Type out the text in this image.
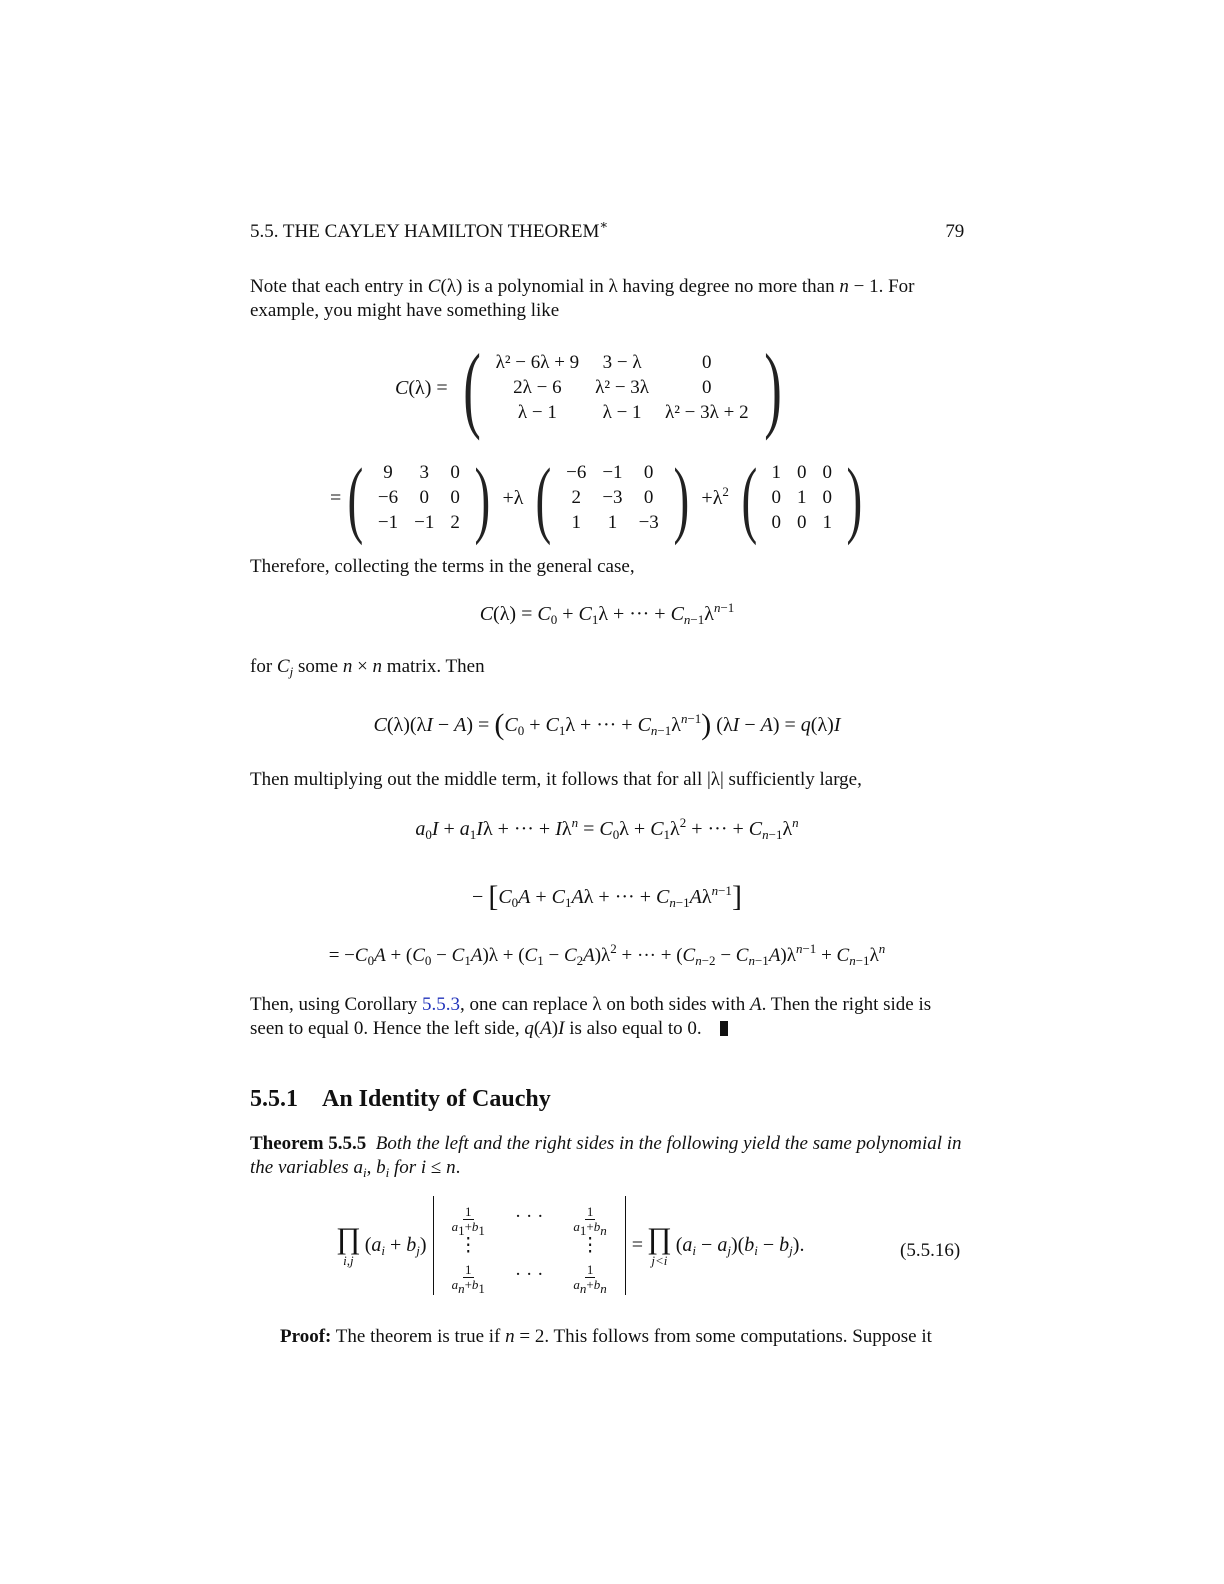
5.5. THE CAYLEY HAMILTON THEOREM∗	79
Note that each entry in C(λ) is a polynomial in λ having degree no more than n − 1. For example, you might have something like
C(λ) = ( λ² − 6λ + 9	3 − λ	0
2λ − 6	λ² − 3λ	0
λ − 1	λ − 1	λ² − 3λ + 2 )
= ( 9	3	0
−6	0	0
−1	−1	2 ) +λ ( −6	−1	0
2	−3	0
1	1	−3 ) $+\lambda^2$ ( 1	0	0
0	1	0
0	0	1 )
Therefore, collecting the terms in the general case,
$C(\lambda) = C_0 + C_1\lambda$ + ··· + $C_{n-1}\lambda^{n-1}$
for $C_j$ some n × n matrix. Then
$C(\lambda)(\lambda I - A) = (C_0 + C_1\lambda$ + ··· + $C_{n-1}\lambda^{n-1}$) (λI − A) = q(λ)I
Then multiplying out the middle term, it follows that for all |λ| sufficiently large,
$a_0I + a_1I\lambda$ + ··· + $I\lambda^n = C_0\lambda + C_1\lambda^2$ + ··· + $C_{n-1}\lambda^n$
− [$C_0A + C_1A\lambda$ + ··· + $C_{n-1}A\lambda^{n-1}$]
= $-C_0A + (C_0 - C_1A)\lambda + (C_1 - C_2A)\lambda^2$ + ··· + $(C_{n-2} - C_{n-1}A)\lambda^{n-1} + C_{n-1}\lambda^n$
Then, using Corollary 5.5.3, one can replace λ on both sides with A. Then the right side is seen to equal 0. Hence the left side, q(A)I is also equal to 0.
5.5.1 An Identity of Cauchy
Theorem 5.5.5 Both the left and the right sides in the following yield the same polynomial in the variables $a_i$, $b_i$ for i ≤ n.
∏
i,j
$(a_i + b_j)$
$\frac{1}{a_1+b_1}$	· · ·	$\frac{1}{a_1+b_n}$

⋮		⋮

$\frac{1}{a_n+b_1}$	· · ·	$\frac{1}{a_n+b_n}$
= ∏
j<i
$(a_i - a_j)(b_i - b_j)$.	(5.5.16)
Proof: The theorem is true if n = 2. This follows from some computations. Suppose it
